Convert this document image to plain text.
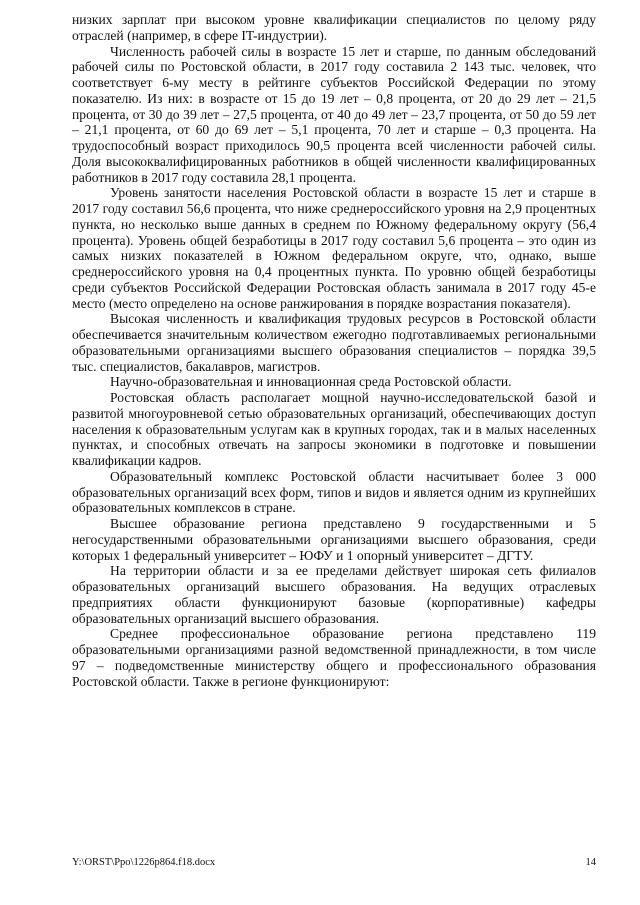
низких зарплат при высоком уровне квалификации специалистов по целому ряду отраслей (например, в сфере IT-индустрии).

Численность рабочей силы в возрасте 15 лет и старше, по данным обследований рабочей силы по Ростовской области, в 2017 году составила 2 143 тыс. человек, что соответствует 6-му месту в рейтинге субъектов Российской Федерации по этому показателю. Из них: в возрасте от 15 до 19 лет – 0,8 процента, от 20 до 29 лет – 21,5 процента, от 30 до 39 лет – 27,5 процента, от 40 до 49 лет – 23,7 процента, от 50 до 59 лет – 21,1 процента, от 60 до 69 лет – 5,1 процента, 70 лет и старше – 0,3 процента. На трудоспособный возраст приходилось 90,5 процента всей численности рабочей силы. Доля высококвалифицированных работников в общей численности квалифицированных работников в 2017 году составила 28,1 процента.

Уровень занятости населения Ростовской области в возрасте 15 лет и старше в 2017 году составил 56,6 процента, что ниже среднероссийского уровня на 2,9 процентных пункта, но несколько выше данных в среднем по Южному федеральному округу (56,4 процента). Уровень общей безработицы в 2017 году составил 5,6 процента – это один из самых низких показателей в Южном федеральном округе, что, однако, выше среднероссийского уровня на 0,4 процентных пункта. По уровню общей безработицы среди субъектов Российской Федерации Ростовская область занимала в 2017 году 45-е место (место определено на основе ранжирования в порядке возрастания показателя).

Высокая численность и квалификация трудовых ресурсов в Ростовской области обеспечивается значительным количеством ежегодно подготавливаемых региональными образовательными организациями высшего образования специалистов – порядка 39,5 тыс. специалистов, бакалавров, магистров.

Научно-образовательная и инновационная среда Ростовской области.

Ростовская область располагает мощной научно-исследовательской базой и развитой многоуровневой сетью образовательных организаций, обеспечивающих доступ населения к образовательным услугам как в крупных городах, так и в малых населенных пунктах, и способных отвечать на запросы экономики в подготовке и повышении квалификации кадров.

Образовательный комплекс Ростовской области насчитывает более 3 000 образовательных организаций всех форм, типов и видов и является одним из крупнейших образовательных комплексов в стране.

Высшее образование региона представлено 9 государственными и 5 негосударственными образовательными организациями высшего образования, среди которых 1 федеральный университет – ЮФУ и 1 опорный университет – ДГТУ.

На территории области и за ее пределами действует широкая сеть филиалов образовательных организаций высшего образования. На ведущих отраслевых предприятиях области функционируют базовые (корпоративные) кафедры образовательных организаций высшего образования.

Среднее профессиональное образование региона представлено 119 образовательными организациями разной ведомственной принадлежности, в том числе 97 – подведомственные министерству общего и профессионального образования Ростовской области. Также в регионе функционируют:

Y:\ORST\Ppo\1226p864.f18.docx	14
